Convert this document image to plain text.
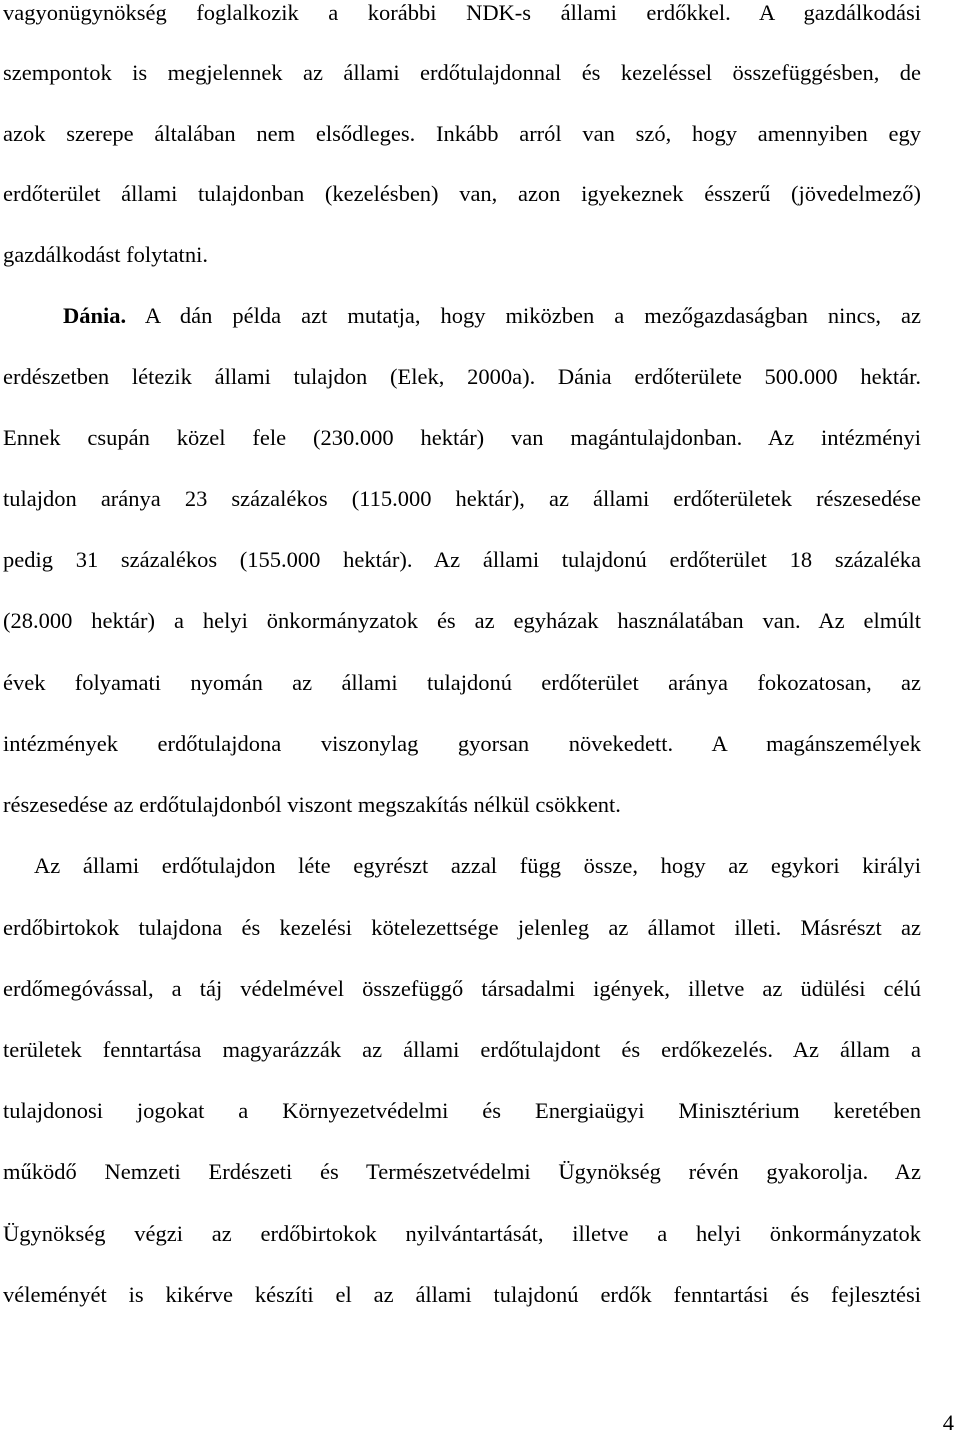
vagyonügynökség foglalkozik a korábbi NDK-s állami erdőkkel. A gazdálkodási
szempontok is megjelennek az állami erdőtulajdonnal és kezeléssel összefüggésben, de
azok szerepe általában nem elsődleges. Inkább arról van szó, hogy amennyiben egy
erdőterület állami tulajdonban (kezelésben) van, azon igyekeznek ésszerű (jövedelmező)
gazdálkodást folytatni.
Dánia. A dán példa azt mutatja, hogy miközben a mezőgazdaságban nincs, az
erdészetben létezik állami tulajdon (Elek, 2000a). Dánia erdőterülete 500.000 hektár.
Ennek csupán közel fele (230.000 hektár) van magántulajdonban. Az intézményi
tulajdon aránya 23 százalékos (115.000 hektár), az állami erdőterületek részesedése
pedig 31 százalékos (155.000 hektár). Az állami tulajdonú erdőterület 18 százaléka
(28.000 hektár) a helyi önkormányzatok és az egyházak használatában van. Az elmúlt
évek folyamati nyomán az állami tulajdonú erdőterület aránya fokozatosan, az
intézmények erdőtulajdona viszonylag gyorsan növekedett. A magánszemélyek
részesedése az erdőtulajdonból viszont megszakítás nélkül csökkent.
Az állami erdőtulajdon léte egyrészt azzal függ össze, hogy az egykori királyi
erdőbirtokok tulajdona és kezelési kötelezettsége jelenleg az államot illeti. Másrészt az
erdőmegóvással, a táj védelmével összefüggő társadalmi igények, illetve az üdülési célú
területek fenntartása magyarázzák az állami erdőtulajdont és erdőkezelés. Az állam a
tulajdonosi jogokat a Környezetvédelmi és Energiaügyi Minisztérium keretében
működő Nemzeti Erdészeti és Természetvédelmi Ügynökség révén gyakorolja. Az
Ügynökség végzi az erdőbirtokok nyilvántartását, illetve a helyi önkormányzatok
véleményét is kikérve készíti el az állami tulajdonú erdők fenntartási és fejlesztési
4
